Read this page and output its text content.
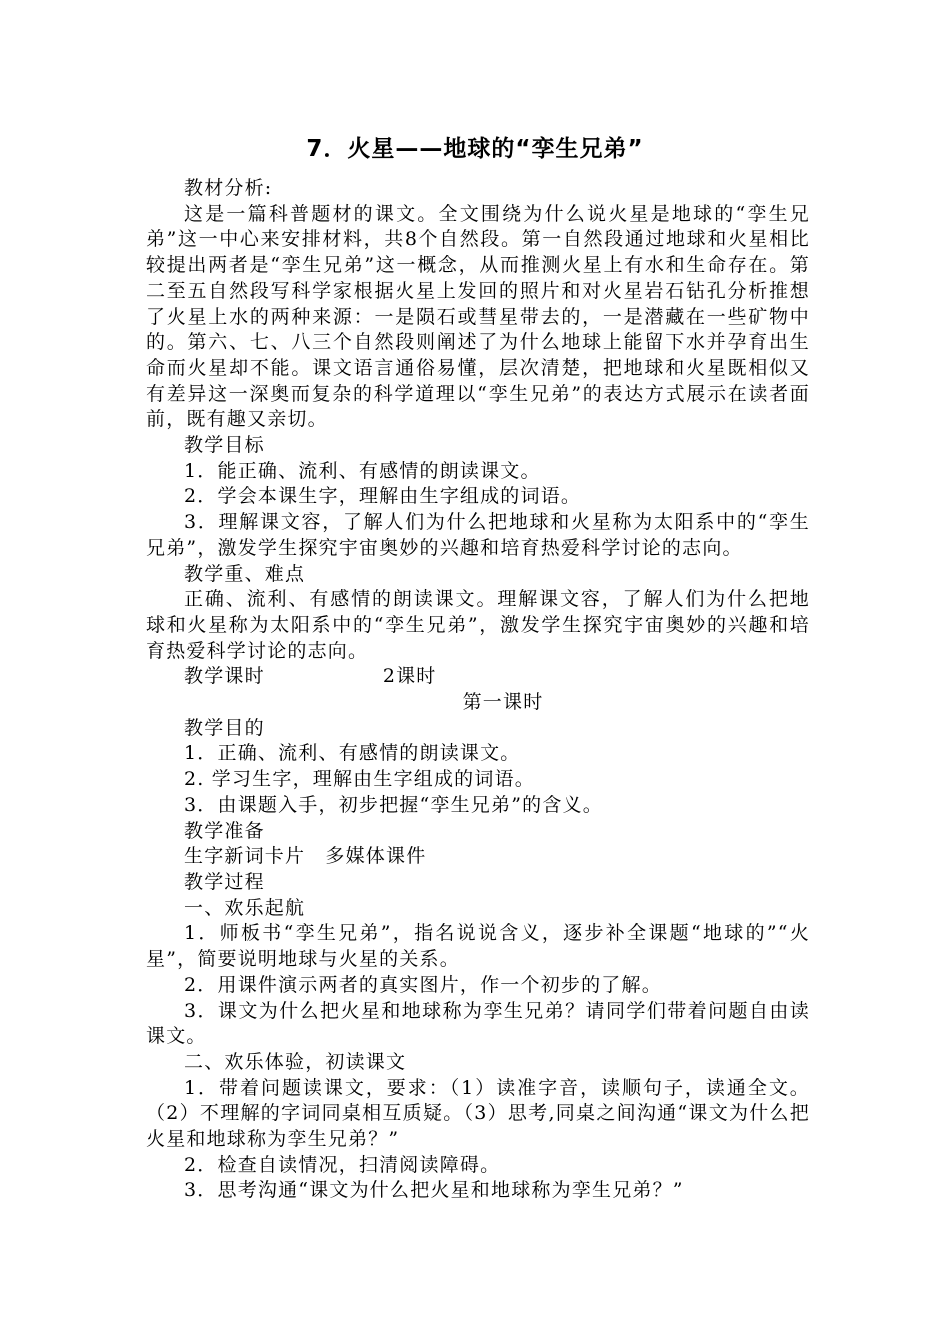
7．火星——地球的“孪生兄弟”

教材分析:

这是一篇科普题材的课文。全文围绕为什么说火星是地球的“孪生兄弟”这一中心来安排材料，共8个自然段。第一自然段通过地球和火星相比较提出两者是“孪生兄弟”这一概念，从而推测火星上有水和生命存在。第二至五自然段写科学家根据火星上发回的照片和对火星岩石钻孔分析推想了火星上水的两种来源：一是陨石或彗星带去的，一是潜藏在一些矿物中的。第六、七、八三个自然段则阐述了为什么地球上能留下水并孕育出生命而火星却不能。课文语言通俗易懂，层次清楚，把地球和火星既相似又有差异这一深奥而复杂的科学道理以“孪生兄弟”的表达方式展示在读者面前，既有趣又亲切。

教学目标

1．能正确、流利、有感情的朗读课文。

2．学会本课生字，理解由生字组成的词语。

3．理解课文容，了解人们为什么把地球和火星称为太阳系中的“孪生兄弟”，激发学生探究宇宙奥妙的兴趣和培育热爱科学讨论的志向。

教学重、难点

正确、流利、有感情的朗读课文。理解课文容，了解人们为什么把地球和火星称为太阳系中的“孪生兄弟”，激发学生探究宇宙奥妙的兴趣和培育热爱科学讨论的志向。

教学课时	2课时

第一课时

教学目的

1．正确、流利、有感情的朗读课文。

2. 学习生字，理解由生字组成的词语。

3．由课题入手，初步把握“孪生兄弟”的含义。

教学准备

生字新词卡片　多媒体课件

教学过程

一、欢乐起航

1．师板书“孪生兄弟”，指名说说含义，逐步补全课题“地球的”“火星”，简要说明地球与火星的关系。

2．用课件演示两者的真实图片，作一个初步的了解。

3．课文为什么把火星和地球称为孪生兄弟？请同学们带着问题自由读课文。

二、欢乐体验，初读课文

1．带着问题读课文，要求：（1）读准字音，读顺句子，读通全文。（2）不理解的字词同桌相互质疑。（3）思考,同桌之间沟通“课文为什么把火星和地球称为孪生兄弟？”

2．检查自读情况，扫清阅读障碍。

3．思考沟通“课文为什么把火星和地球称为孪生兄弟？”
